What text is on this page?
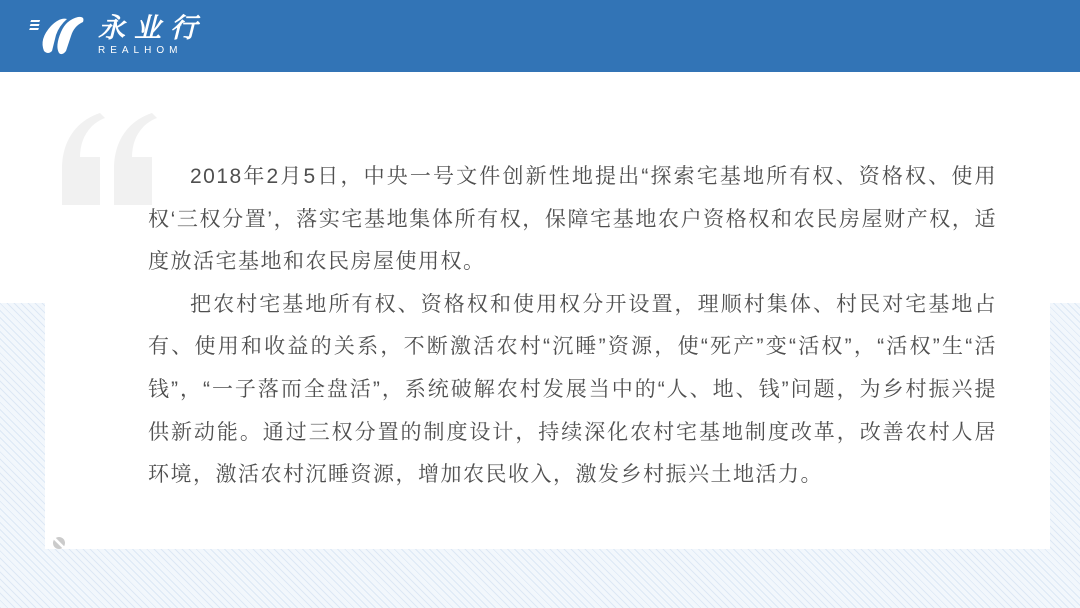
永业行
REALHOM

2018年2月5日，中央一号文件创新性地提出“探索宅基地所有权、资格权、使用权‘三权分置’，落实宅基地集体所有权，保障宅基地农户资格权和农民房屋财产权，适度放活宅基地和农民房屋使用权。

把农村宅基地所有权、资格权和使用权分开设置，理顺村集体、村民对宅基地占有、使用和收益的关系，不断激活农村“沉睡”资源，使“死产”变“活权”，“活权”生“活钱”，“一子落而全盘活”，系统破解农村发展当中的“人、地、钱”问题，为乡村振兴提供新动能。通过三权分置的制度设计，持续深化农村宅基地制度改革，改善农村人居环境，激活农村沉睡资源，增加农民收入，激发乡村振兴土地活力。
